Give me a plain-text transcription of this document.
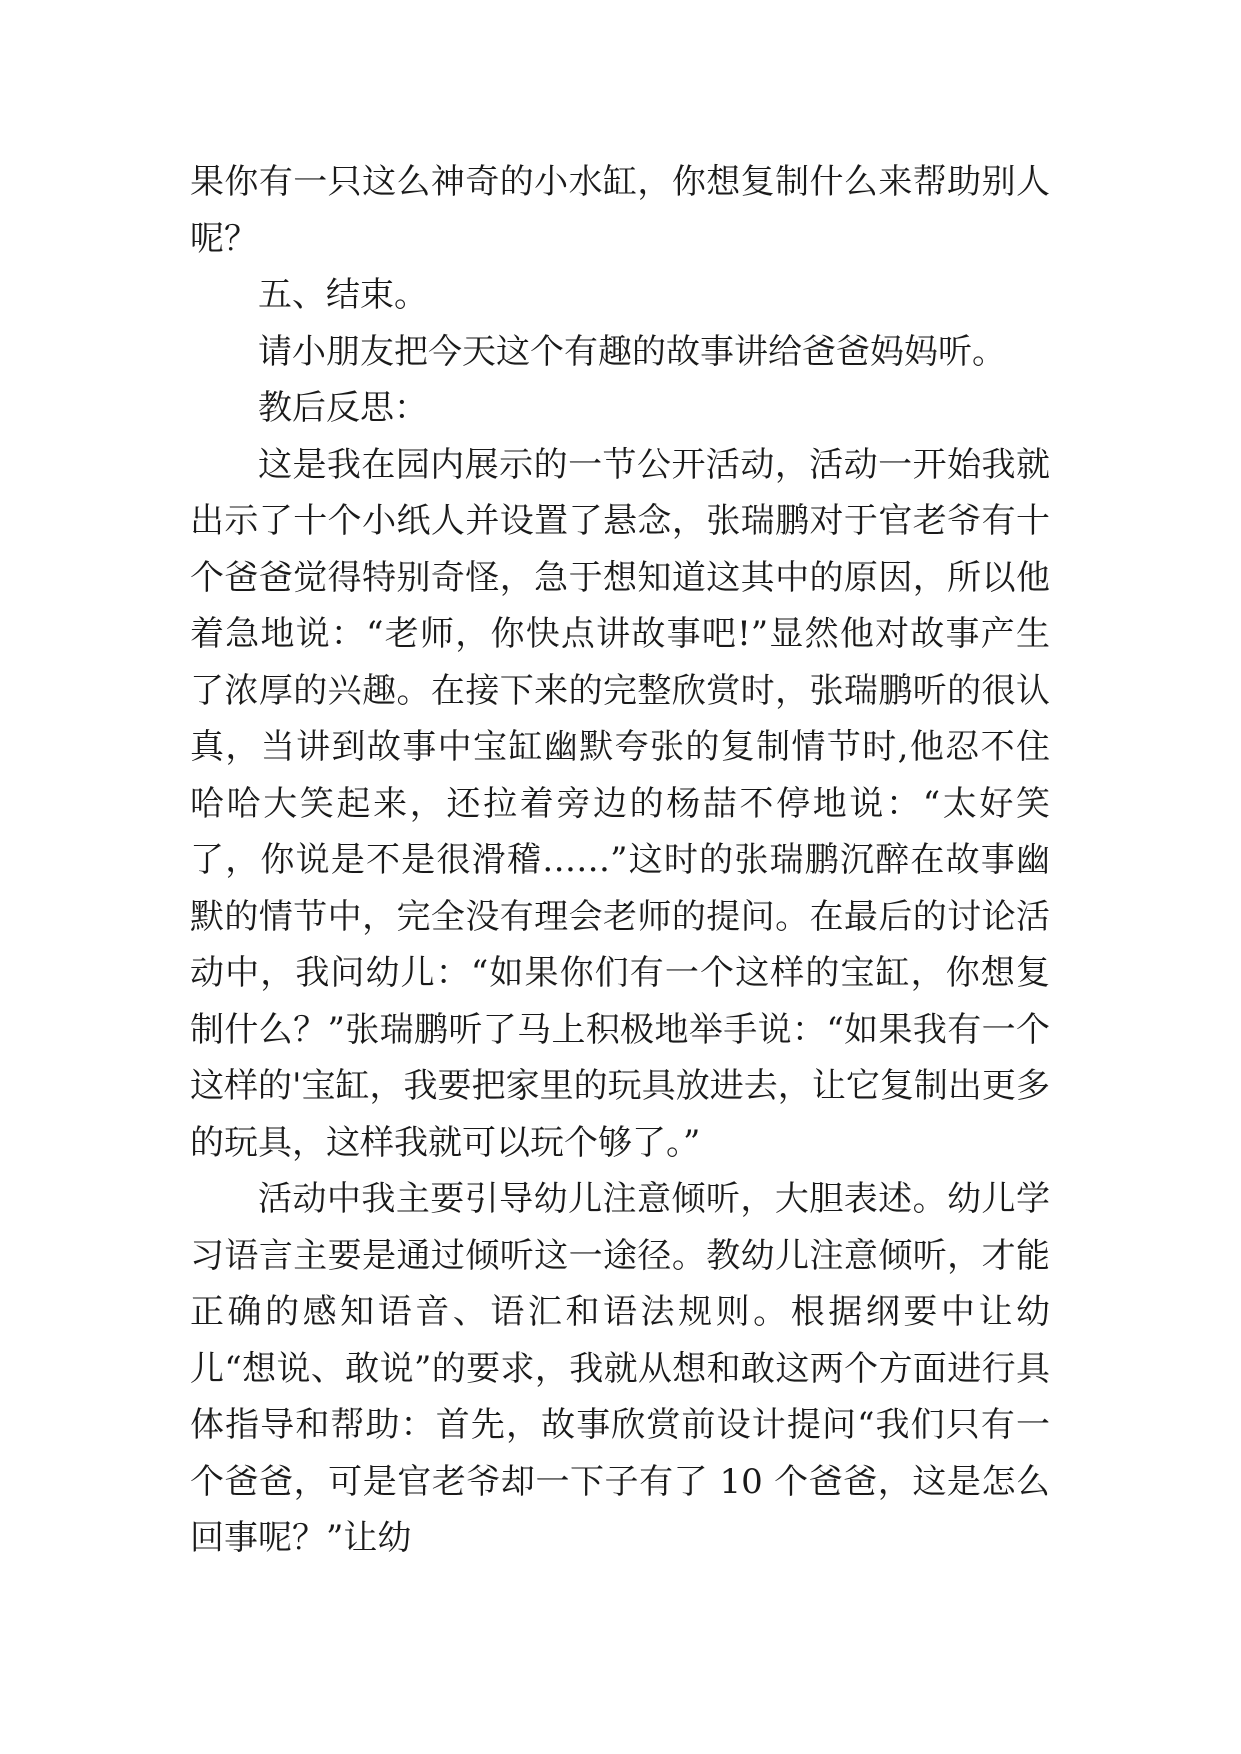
果你有一只这么神奇的小水缸，你想复制什么来帮助别人呢？

五、结束。

请小朋友把今天这个有趣的故事讲给爸爸妈妈听。

教后反思：

这是我在园内展示的一节公开活动，活动一开始我就出示了十个小纸人并设置了悬念，张瑞鹏对于官老爷有十个爸爸觉得特别奇怪，急于想知道这其中的原因，所以他着急地说：“老师，你快点讲故事吧!”显然他对故事产生了浓厚的兴趣。在接下来的完整欣赏时，张瑞鹏听的很认真，当讲到故事中宝缸幽默夸张的复制情节时,他忍不住哈哈大笑起来，还拉着旁边的杨喆不停地说：“太好笑了，你说是不是很滑稽……”这时的张瑞鹏沉醉在故事幽默的情节中，完全没有理会老师的提问。在最后的讨论活动中，我问幼儿：“如果你们有一个这样的宝缸，你想复制什么？”张瑞鹏听了马上积极地举手说：“如果我有一个这样的'宝缸，我要把家里的玩具放进去，让它复制出更多的玩具，这样我就可以玩个够了。”

活动中我主要引导幼儿注意倾听，大胆表述。幼儿学习语言主要是通过倾听这一途径。教幼儿注意倾听，才能正确的感知语音、语汇和语法规则。根据纲要中让幼儿“想说、敢说”的要求，我就从想和敢这两个方面进行具体指导和帮助：首先，故事欣赏前设计提问“我们只有一个爸爸，可是官老爷却一下子有了 10 个爸爸，这是怎么回事呢？”让幼
